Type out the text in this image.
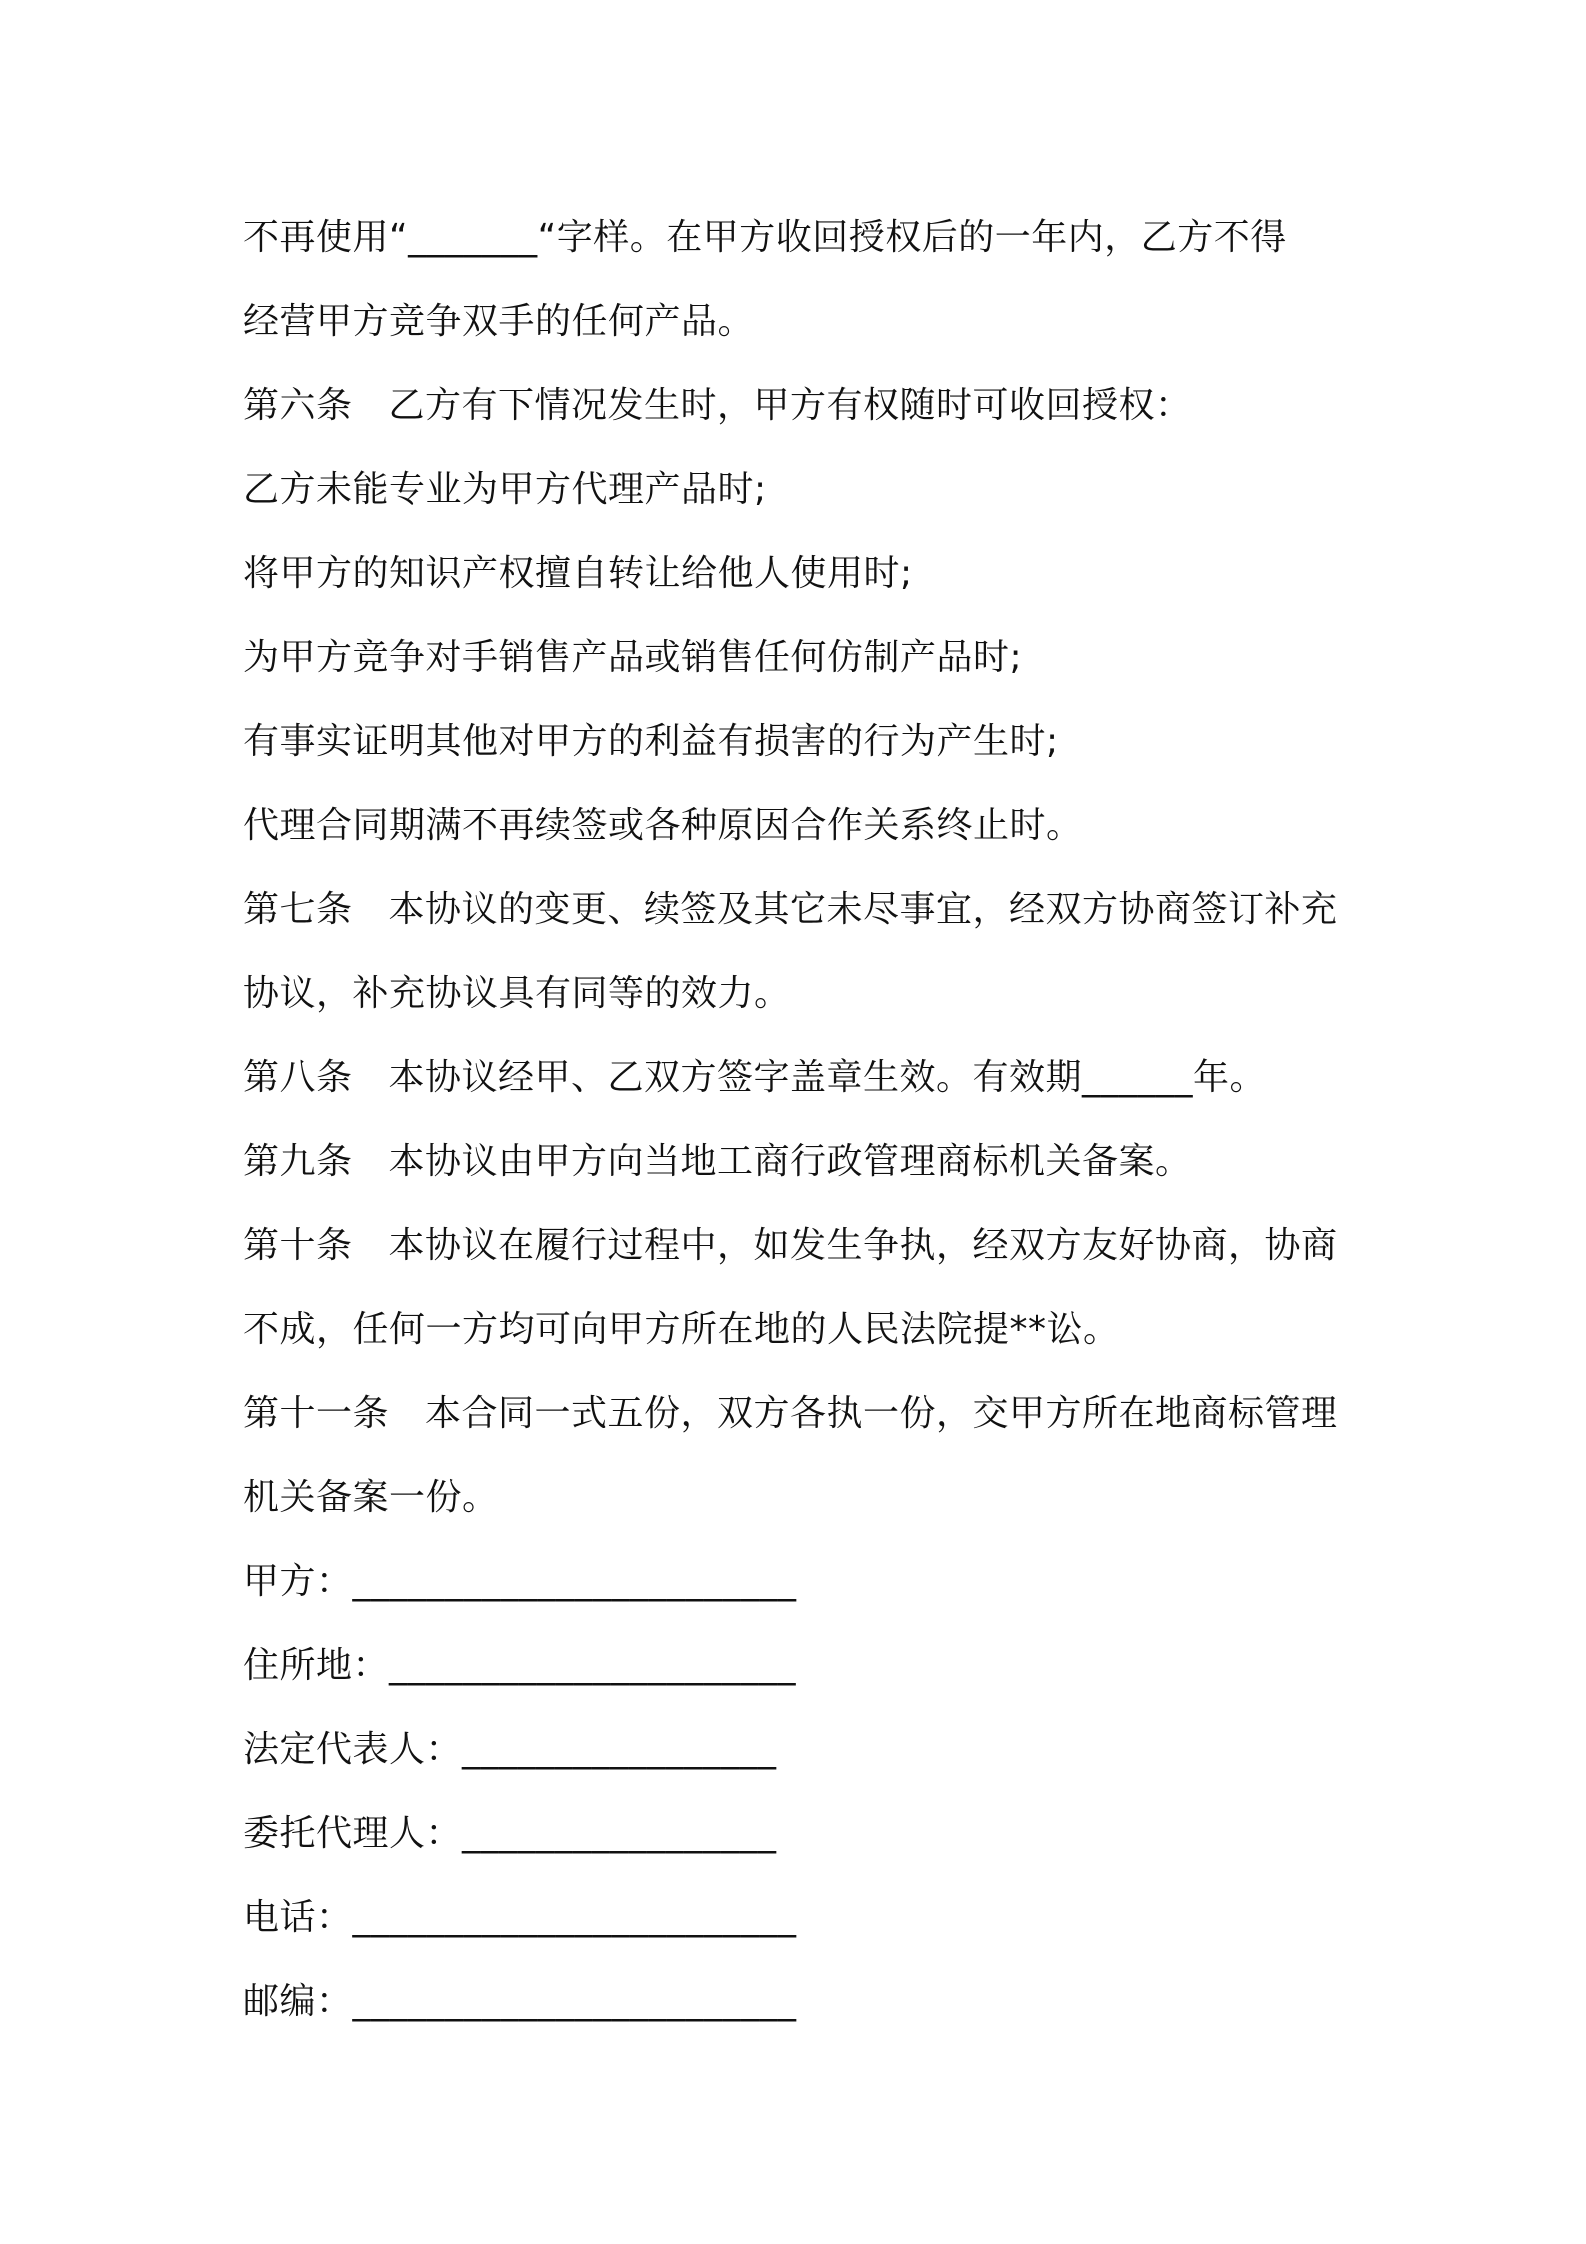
不再使用“_______“字样。在甲方收回授权后的一年内，乙方不得
经营甲方竞争双手的任何产品。
第六条 乙方有下情况发生时，甲方有权随时可收回授权：
乙方未能专业为甲方代理产品时;
将甲方的知识产权擅自转让给他人使用时;
为甲方竞争对手销售产品或销售任何仿制产品时;
有事实证明其他对甲方的利益有损害的行为产生时;
代理合同期满不再续签或各种原因合作关系终止时。
第七条 本协议的变更、续签及其它未尽事宜，经双方协商签订补充
协议，补充协议具有同等的效力。
第八条 本协议经甲、乙双方签字盖章生效。有效期______年。
第九条 本协议由甲方向当地工商行政管理商标机关备案。
第十条 本协议在履行过程中，如发生争执，经双方友好协商，协商
不成，任何一方均可向甲方所在地的人民法院提**讼。
第十一条 本合同一式五份，双方各执一份，交甲方所在地商标管理
机关备案一份。
甲方：________________________
住所地：______________________
法定代表人：_________________
委托代理人：_________________
电话：________________________
邮编：________________________
